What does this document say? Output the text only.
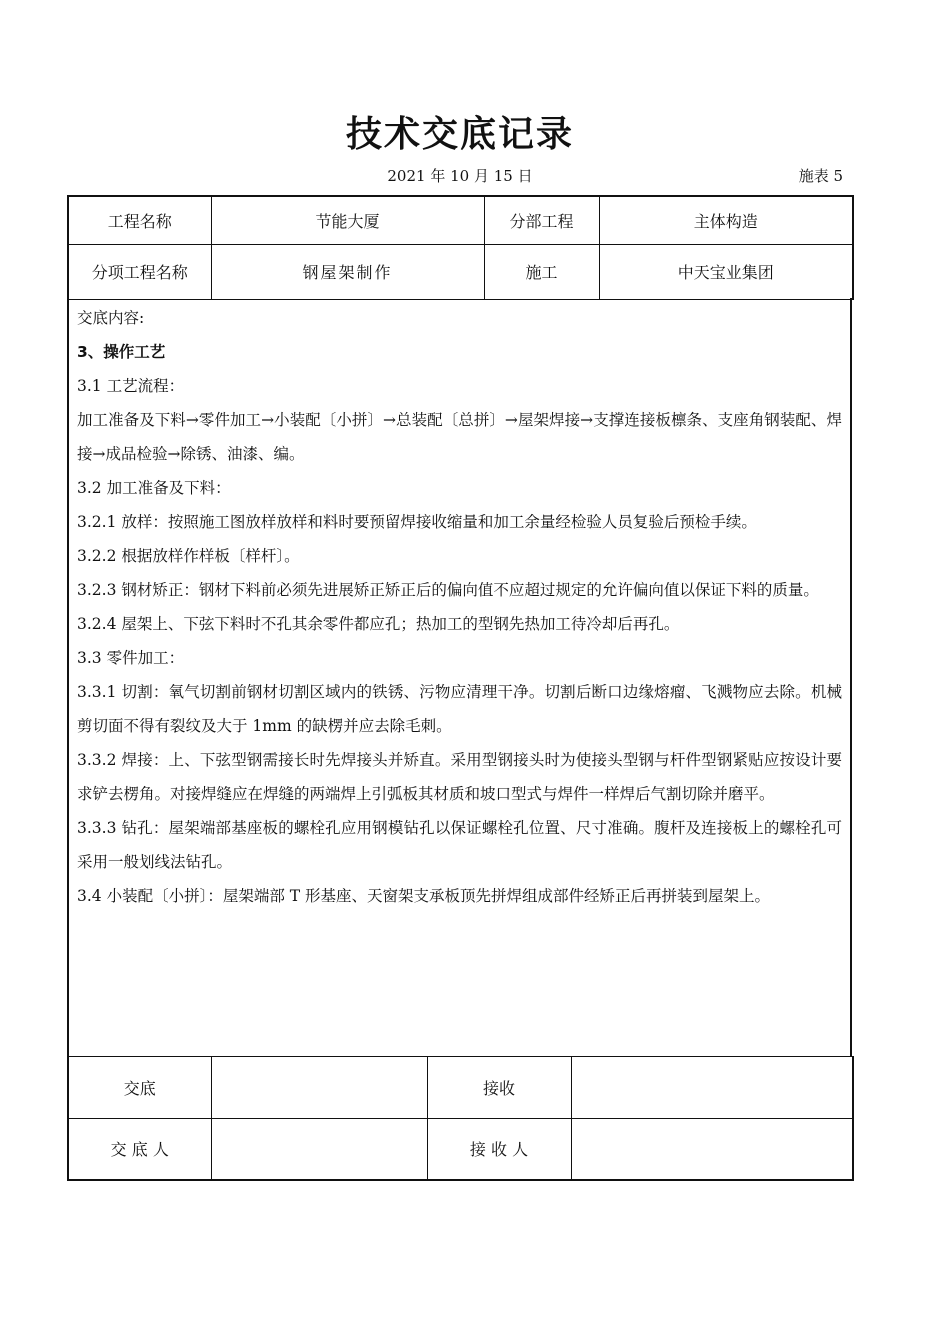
技术交底记录
2021 年 10 月 15 日	施表 5
工程名称	节能大厦	分部工程	主体构造
分项工程名称	钢屋架制作	施工	中天宝业集团

交底内容:

3、操作工艺

3.1 工艺流程：

加工准备及下料→零件加工→小装配〔小拼〕→总装配〔总拼〕→屋架焊接→支撑连接板檩条、支座角钢装配、焊接→成品检验→除锈、油漆、编。

3.2 加工准备及下料：

3.2.1 放样：按照施工图放样放样和料时要预留焊接收缩量和加工余量经检验人员复验后预检手续。

3.2.2 根据放样作样板〔样杆〕。

3.2.3 钢材矫正：钢材下料前必须先进展矫正矫正后的偏向值不应超过规定的允许偏向值以保证下料的质量。

3.2.4 屋架上、下弦下料时不孔其余零件都应孔；热加工的型钢先热加工待冷却后再孔。

3.3 零件加工：

3.3.1 切割：氧气切割前钢材切割区域内的铁锈、污物应清理干净。切割后断口边缘熔瘤、飞溅物应去除。机械剪切面不得有裂纹及大于 1mm 的缺楞并应去除毛刺。

3.3.2 焊接：上、下弦型钢需接长时先焊接头并矫直。采用型钢接头时为使接头型钢与杆件型钢紧贴应按设计要求铲去楞角。对接焊缝应在焊缝的两端焊上引弧板其材质和坡口型式与焊件一样焊后气割切除并磨平。

3.3.3 钻孔：屋架端部基座板的螺栓孔应用钢模钻孔以保证螺栓孔位置、尺寸准确。腹杆及连接板上的螺栓孔可采用一般划线法钻孔。

3.4 小装配〔小拼〕：屋架端部 T 形基座、天窗架支承板顶先拼焊组成部件经矫正后再拼装到屋架上。

交底		接收	
交 底 人		接 收 人	
